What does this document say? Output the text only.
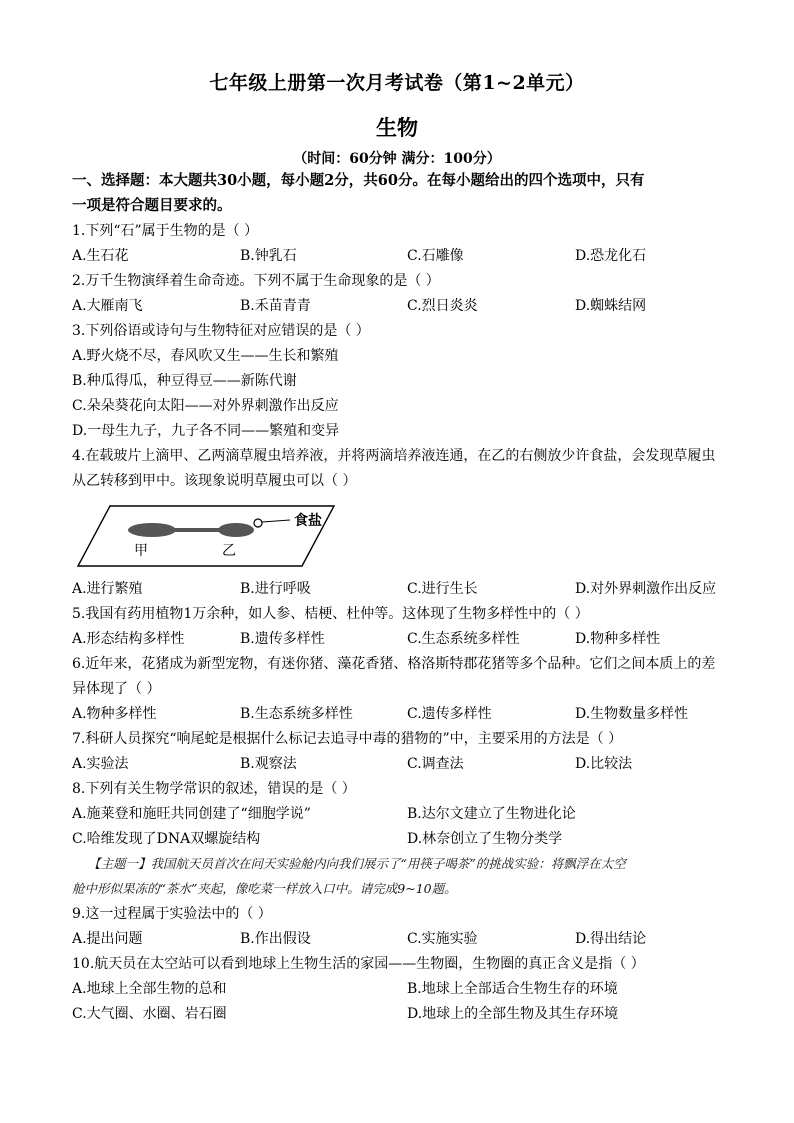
七年级上册第一次月考试卷（第1~2单元）
生物
（时间：60分钟 满分：100分）
一、选择题：本大题共30小题，每小题2分，共60分。在每小题给出的四个选项中，只有
一项是符合题目要求的。
1.下列“石”属于生物的是（ ）
A.生石花	B.钟乳石	C.石雕像	D.恐龙化石
2.万千生物演绎着生命奇迹。下列不属于生命现象的是（ ）
A.大雁南飞	B.禾苗青青	C.烈日炎炎	D.蜘蛛结网
3.下列俗语或诗句与生物特征对应错误的是（ ）
A.野火烧不尽，春风吹又生——生长和繁殖
B.种瓜得瓜，种豆得豆——新陈代谢
C.朵朵葵花向太阳——对外界刺激作出反应
D.一母生九子，九子各不同——繁殖和变异
4.在载玻片上滴甲、乙两滴草履虫培养液，并将两滴培养液连通，在乙的右侧放少许食盐，会发现草履虫
从乙转移到甲中。该现象说明草履虫可以（ ）
食盐
甲	乙
A.进行繁殖	B.进行呼吸	C.进行生长	D.对外界刺激作出反应
5.我国有药用植物1万余种，如人参、桔梗、杜仲等。这体现了生物多样性中的（ ）
A.形态结构多样性	B.遗传多样性	C.生态系统多样性	D.物种多样性
6.近年来，花猪成为新型宠物，有迷你猪、藻花香猪、格洛斯特郡花猪等多个品种。它们之间本质上的差
异体现了（ ）
A.物种多样性	B.生态系统多样性	C.遗传多样性	D.生物数量多样性
7.科研人员探究“响尾蛇是根据什么标记去追寻中毒的猎物的”中，主要采用的方法是（ ）
A.实验法	B.观察法	C.调查法	D.比较法
8.下列有关生物学常识的叙述，错误的是（ ）
A.施莱登和施旺共同创建了“细胞学说”	B.达尔文建立了生物进化论
C.哈维发现了DNA双螺旋结构	D.林奈创立了生物分类学
【主题一】我国航天员首次在问天实验舱内向我们展示了“用筷子喝茶”的挑战实验：将飘浮在太空
舱中形似果冻的“茶水”夹起，像吃菜一样放入口中。请完成9~10题。
9.这一过程属于实验法中的（ ）
A.提出问题	B.作出假设	C.实施实验	D.得出结论
10.航天员在太空站可以看到地球上生物生活的家园——生物圈，生物圈的真正含义是指（ ）
A.地球上全部生物的总和	B.地球上全部适合生物生存的环境
C.大气圈、水圈、岩石圈	D.地球上的全部生物及其生存环境
